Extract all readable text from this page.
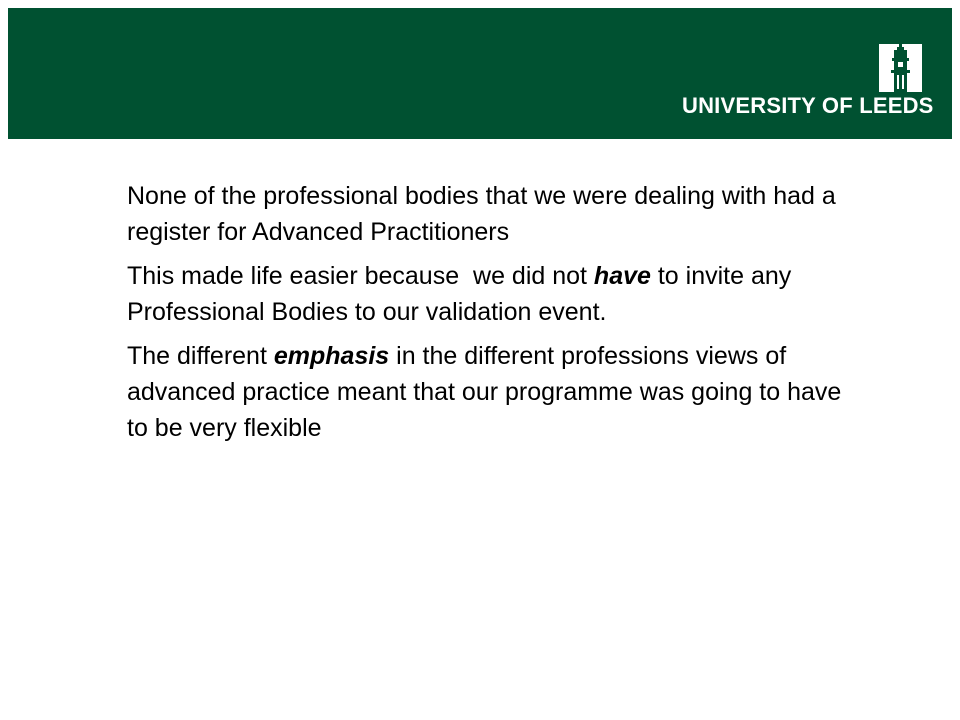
UNIVERSITY OF LEEDS

None of the professional bodies that we were dealing with had a register for Advanced Practitioners

This made life easier because  we did not have to invite any Professional Bodies to our validation event.

The different emphasis in the different professions views of advanced practice meant that our programme was going to have to be very flexible
